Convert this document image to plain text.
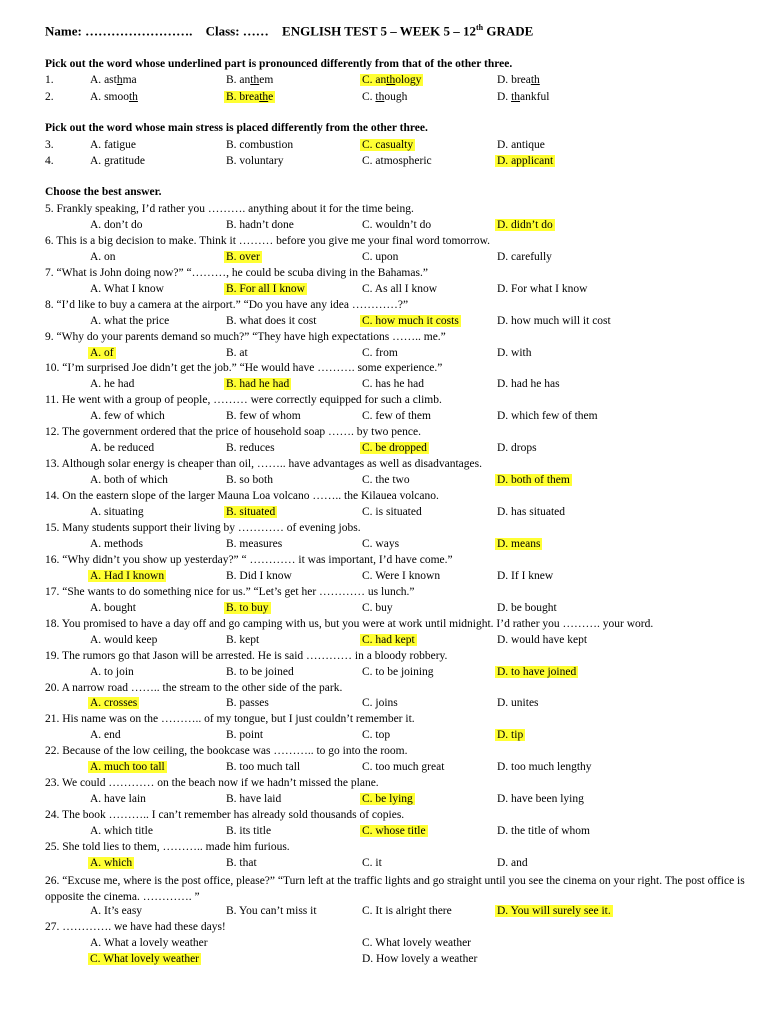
Name: ……………………. Class: …… ENGLISH TEST 5 – WEEK 5 – 12th GRADE
Pick out the word whose underlined part is pronounced differently from that of the other three.
1.	A. asthma	B. anthem	C. anthology	D. breath
2.	A. smooth	B. breathe	C. though	D. thankful
Pick out the word whose main stress is placed differently from the other three.
3.	A. fatigue	B. combustion	C. casualty	D. antique
4.	A. gratitude	B. voluntary	C. atmospheric	D. applicant
Choose the best answer.
5. Frankly speaking, I’d rather you ………. anything about it for the time being.
A. don’t do	B. hadn’t done	C. wouldn’t do	D. didn’t do
6. This is a big decision to make. Think it ……… before you give me your final word tomorrow.
A. on	B. over	C. upon	D. carefully
7. “What is John doing now?” “………, he could be scuba diving in the Bahamas.”
A. What I know	B. For all I know	C. As all I know	D. For what I know
8. “I’d like to buy a camera at the airport.” “Do you have any idea …………?”
A. what the price	B. what does it cost	C. how much it costs	D. how much will it cost
9. “Why do your parents demand so much?” “They have high expectations …….. me.”
A. of	B. at	C. from	D. with
10. “I’m surprised Joe didn’t get the job.” “He would have ………. some experience.”
A. he had	B. had he had	C. has he had	D. had he has
11. He went with a group of people, ……… were correctly equipped for such a climb.
A. few of which	B. few of whom	C. few of them	D. which few of them
12. The government ordered that the price of household soap ……. by two pence.
A. be reduced	B. reduces	C. be dropped	D. drops
13. Although solar energy is cheaper than oil, …….. have advantages as well as disadvantages.
A. both of which	B. so both	C. the two	D. both of them
14. On the eastern slope of the larger Mauna Loa volcano …….. the Kilauea volcano.
A. situating	B. situated	C. is situated	D. has situated
15. Many students support their living by ………… of evening jobs.
A. methods	B. measures	C. ways	D. means
16. “Why didn’t you show up yesterday?” “ ………… it was important, I’d have come.”
A. Had I known	B. Did I know	C. Were I known	D. If I knew
17. “She wants to do something nice for us.” “Let’s get her ………… us lunch.”
A. bought	B. to buy	C. buy	D. be bought
18. You promised to have a day off and go camping with us, but you were at work until midnight. I’d rather you ………. your word.
A. would keep	B. kept	C. had kept	D. would have kept
19. The rumors go that Jason will be arrested. He is said ………… in a bloody robbery.
A. to join	B. to be joined	C. to be joining	D. to have joined
20. A narrow road …….. the stream to the other side of the park.
A. crosses	B. passes	C. joins	D. unites
21. His name was on the ……….. of my tongue, but I just couldn’t remember it.
A. end	B. point	C. top	D. tip
22. Because of the low ceiling, the bookcase was ……….. to go into the room.
A. much too tall	B. too much tall	C. too much great	D. too much lengthy
23. We could ………… on the beach now if we hadn’t missed the plane.
A. have lain	B. have laid	C. be lying	D. have been lying
24. The book ……….. I can’t remember has already sold thousands of copies.
A. which title	B. its title	C. whose title	D. the title of whom
25. She told lies to them, ……….. made him furious.
A. which	B. that	C. it	D. and
26. “Excuse me, where is the post office, please?” “Turn left at the traffic lights and go straight until you see the cinema on your right. The post office is opposite the cinema. …………. ”
A. It’s easy	B. You can’t miss it	C. It is alright there	D. You will surely see it.
27. …………. we have had these days!
A. What a lovely weather	C. What lovely weather
C. What lovely weather	D. How lovely a weather
